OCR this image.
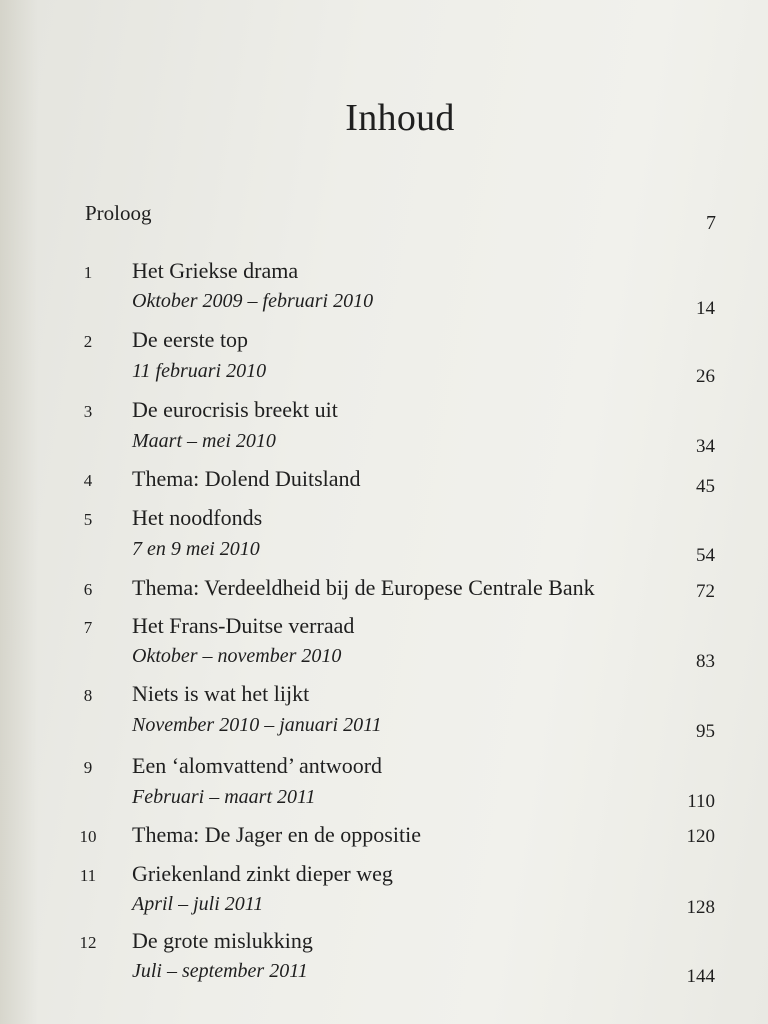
Inhoud
Proloog	7
1	Het Griekse drama
Oktober 2009 – februari 2010	14
2	De eerste top
11 februari 2010	26
3	De eurocrisis breekt uit
Maart – mei 2010	34
4	Thema: Dolend Duitsland	45
5	Het noodfonds
7 en 9 mei 2010	54
6	Thema: Verdeeldheid bij de Europese Centrale Bank	72
7	Het Frans-Duitse verraad
Oktober – november 2010	83
8	Niets is wat het lijkt
November 2010 – januari 2011	95
9	Een ‘alomvattend’ antwoord
Februari – maart 2011	110
10 Thema: De Jager en de oppositie	120
11 Griekenland zinkt dieper weg
April – juli 2011	128
12 De grote mislukking
Juli – september 2011	144
